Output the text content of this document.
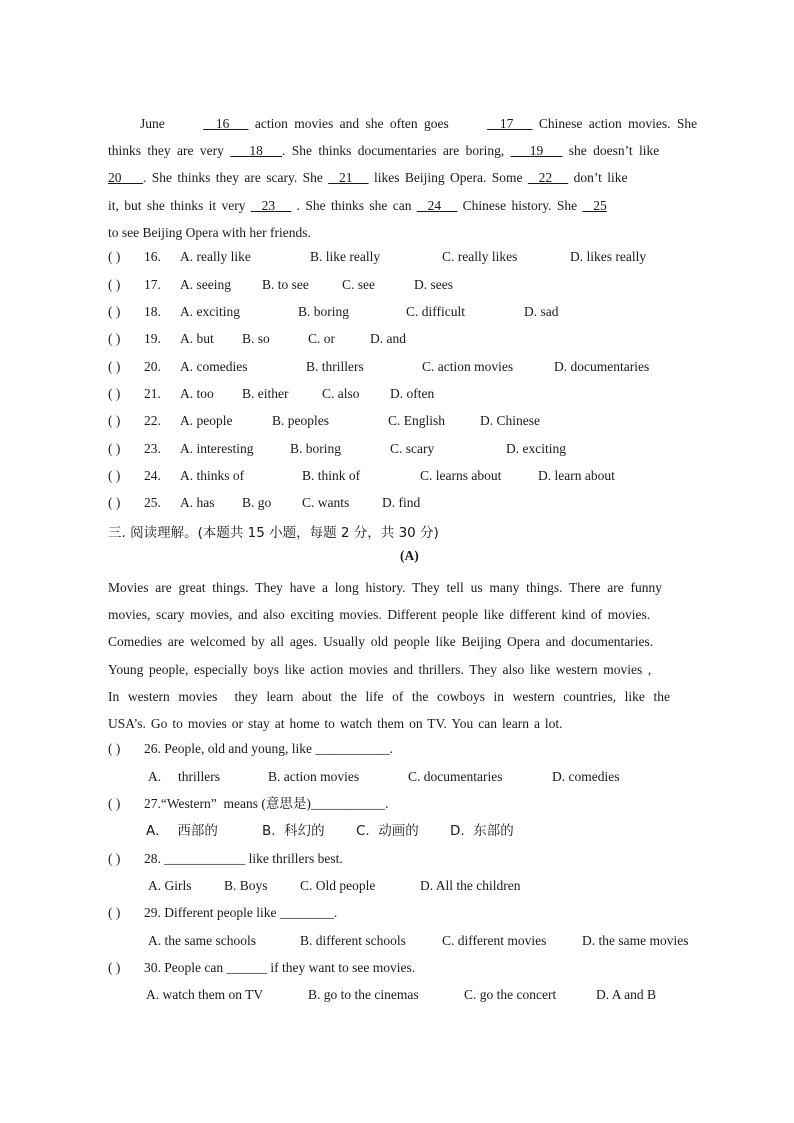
June	16 action movies and she often goes	17 Chinese action movies. She

thinks they are very 18 . She thinks documentaries are boring, 19 she doesn’t like

20 . She thinks they are scary. She 21 likes Beijing Opera. Some 22 don’t like

it, but she thinks it very 23 . She thinks she can 24 Chinese history. She 25

to see Beijing Opera with her friends.

( ) 16. A. really like	B. like really	C. really likes	D. likes really
( ) 17. A. seeing B. to see C. see	D. sees
( ) 18. A. exciting	B. boring	C. difficult	D. sad
( ) 19. A. but B. so	C. or	D. and
( ) 20. A. comedies	B. thrillers	C. action movies	D. documentaries
( ) 21. A. too B. either C. also D. often
( ) 22. A. people	B. peoples	C. English	D. Chinese
( ) 23. A. interesting	B. boring	C. scary	D. exciting
( ) 24. A. thinks of	B. think of	C. learns about	D. learn about
( ) 25. A. has B. go C. wants D. find
三. 阅读理解。(本题共 15 小题，每题 2 分，共 30 分)
(A)
Movies are great things. They have a long history. They tell us many things. There are funny
movies, scary movies, and also exciting movies. Different people like different kind of movies.
Comedies are welcomed by all ages. Usually old people like Beijing Opera and documentaries.
Young people, especially boys like action movies and thrillers. They also like western movies ,
In western movies  they learn about the life of the cowboys in western countries, like the
USA’s. Go to movies or stay at home to watch them on TV. You can learn a lot.
( ) 26. People, old and young, like ___________.
A.     thrillers	B. action movies	C. documentaries	D. comedies
( ) 27.“Western”  means (意思是)___________.
A．  西部的	B.  科幻的 C.  动画的 D.  东部的
( ) 28. ____________ like thrillers best.
A. Girls B. Boys C. Old people	D. All the children
( ) 29. Different people like ________.
A. the same schools	B. different schools	C. different movies	D. the same movies
( ) 30. People can ______ if they want to see movies.
A. watch them on TV	B. go to the cinemas	C. go the concert	D. A and B
